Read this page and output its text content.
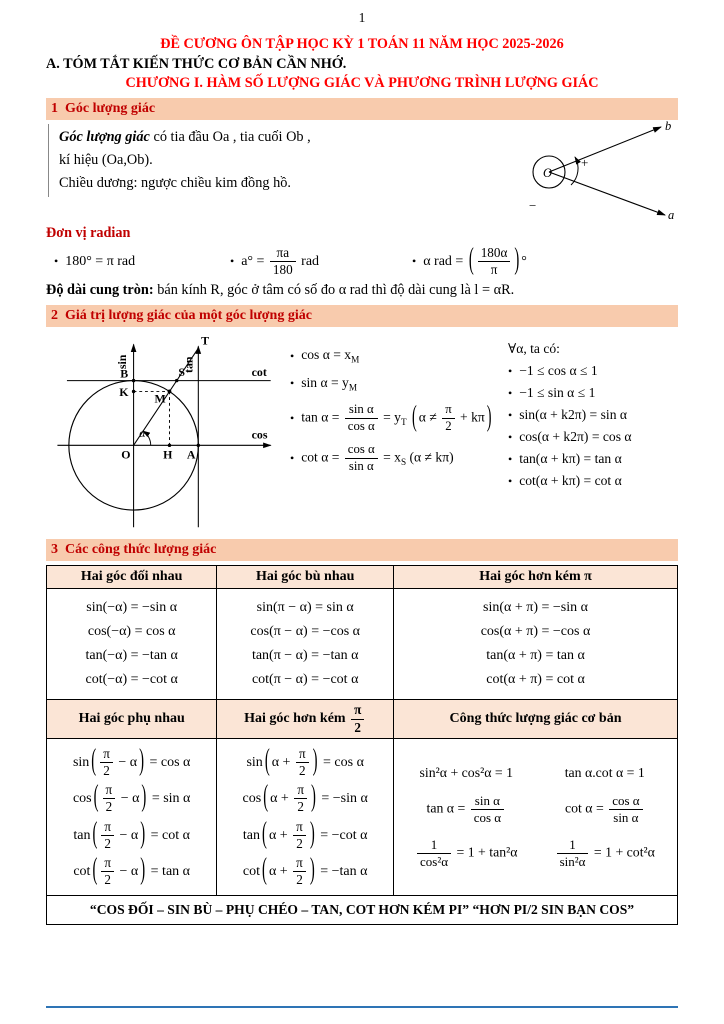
1
ĐỀ CƯƠNG ÔN TẬP HỌC KỲ 1 TOÁN 11 NĂM HỌC 2025-2026
A. TÓM TẮT KIẾN THỨC CƠ BẢN CẦN NHỚ.
CHƯƠNG I. HÀM SỐ LƯỢNG GIÁC VÀ PHƯƠNG TRÌNH LƯỢNG GIÁC
1  Góc lượng giác
Góc lượng giác có tia đầu Oa , tia cuối Ob ,
kí hiệu (Oa,Ob).
Chiều dương: ngược chiều kim đồng hồ.
O
b
a
+
−
Đơn vị radian
• 180° = π rad	• $a^\circ = \frac{\pi a}{180}$ rad	• α rad = ( $\frac{180\alpha}{\pi}$ ) °
Độ dài cung tròn: bán kính R, góc ở tâm có số đo α rad thì độ dài cung là l = αR.
2  Giá trị lượng giác của một góc lượng giác
sin	tan	cot
cos
T
B	S
K M
O	H A
α
• $\cos \alpha = x_M$
• $\sin \alpha = y_M$
• $\tan \alpha = \frac{\text{sin α}}{\text{cos α}} = y_T$ ( $\alpha \ne \frac{\pi}{2} + k\pi$ )
• $\cot \alpha = \frac{\text{cos α}}{\text{sin α}} = x_S$ (α ≠ kπ)
∀α, ta có:
• −1 ≤ cos α ≤ 1
• −1 ≤ sin α ≤ 1
• sin(α + k2π) = sin α
• cos(α + k2π) = cos α
• tan(α + kπ) = tan α
• cot(α + kπ) = cot α
3  Các công thức lượng giác
Hai góc đối nhau	Hai góc bù nhau	Hai góc hơn kém π

sin(−α) = −sin α
cos(−α) = cos α
tan(−α) = −tan α
cot(−α) = −cot α

sin(π − α) = sin α
cos(π − α) = −cos α
tan(π − α) = −tan α
cot(π − α) = −cot α

sin(α + π) = −sin α
cos(α + π) = −cos α
tan(α + π) = tan α
cot(α + π) = cot α

Hai góc phụ nhau	Hai góc hơn kém $\frac{\pi}{2}$	Công thức lượng giác cơ bản

sin ( $\frac{\pi}{2} - \alpha$ ) = cos α
cos ( $\frac{\pi}{2} - \alpha$ ) = sin α
tan ( $\frac{\pi}{2} - \alpha$ ) = cot α
cot ( $\frac{\pi}{2} - \alpha$ ) = tan α

sin ( $\alpha + \frac{\pi}{2}$ ) = cos α
cos ( $\alpha + \frac{\pi}{2}$ ) = −sin α
tan ( $\alpha + \frac{\pi}{2}$ ) = −cot α
cot ( $\alpha + \frac{\pi}{2}$ ) = −tan α

sin²α + cos²α = 1	tan α.cot α = 1
$\tan \alpha = \frac{\text{sin α}}{\text{cos α}}$	$\cot \alpha = \frac{\text{cos α}}{\text{sin α}}$
$\frac{1}{\text{cos²α}} = 1 + \tan^2\alpha$	$\frac{1}{\text{sin²α}} = 1 + \cot^2\alpha$

“COS ĐỐI – SIN BÙ – PHỤ CHÉO – TAN, COT HƠN KÉM PI” “HƠN PI/2 SIN BẠN COS”		
